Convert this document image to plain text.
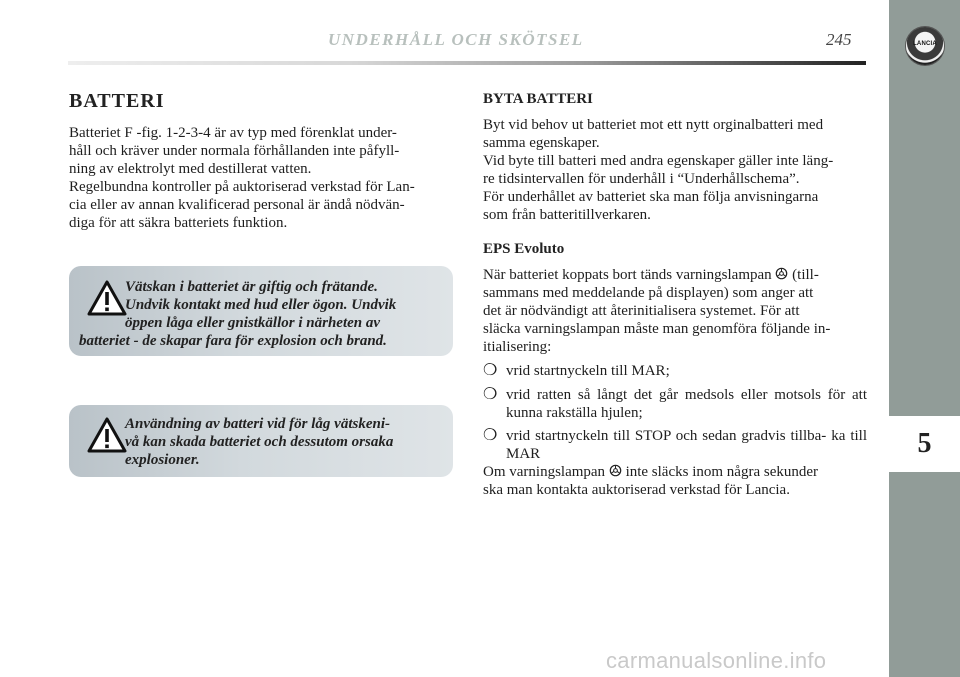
LANCIA
5
UNDERHÅLL OCH SKÖTSEL	245
BATTERI
Batteriet F -fig. 1-2-3-4 är av typ med förenklat under-
håll och kräver under normala förhållanden inte påfyll-
ning av elektrolyt med destillerat vatten.
Regelbundna kontroller på auktoriserad verkstad för Lan-
cia eller av annan kvalificerad personal är ändå nödvän-
diga för att säkra batteriets funktion.
Vätskan i batteriet är giftig och frätande.
Undvik kontakt med hud eller ögon. Undvik
öppen låga eller gnistkällor i närheten av
batteriet - de skapar fara för explosion och brand.
Användning av batteri vid för låg vätskeni-
vå kan skada batteriet och dessutom orsaka
explosioner.
BYTA BATTERI
Byt vid behov ut batteriet mot ett nytt orginalbatteri med
samma egenskaper.
Vid byte till batteri med andra egenskaper gäller inte läng-
re tidsintervallen för underhåll i “Underhållschema”.
För underhållet av batteriet ska man följa anvisningarna
som från batteritillverkaren.
EPS Evoluto
När batteriet koppats bort tänds varningslampan (till-
sammans med meddelande på displayen) som anger att
det är nödvändigt att återinitialisera systemet. För att
släcka varningslampan måste man genomföra följande in-
itialisering:
❍ vrid startnyckeln till MAR;
❍ vrid ratten så långt det går medsols eller motsols för att kunna rakställa hjulen;
❍ vrid startnyckeln till STOP och sedan gradvis tillba- ka till MAR
Om varningslampan inte släcks inom några sekunder
ska man kontakta auktoriserad verkstad för Lancia.
carmanualsonline.info
